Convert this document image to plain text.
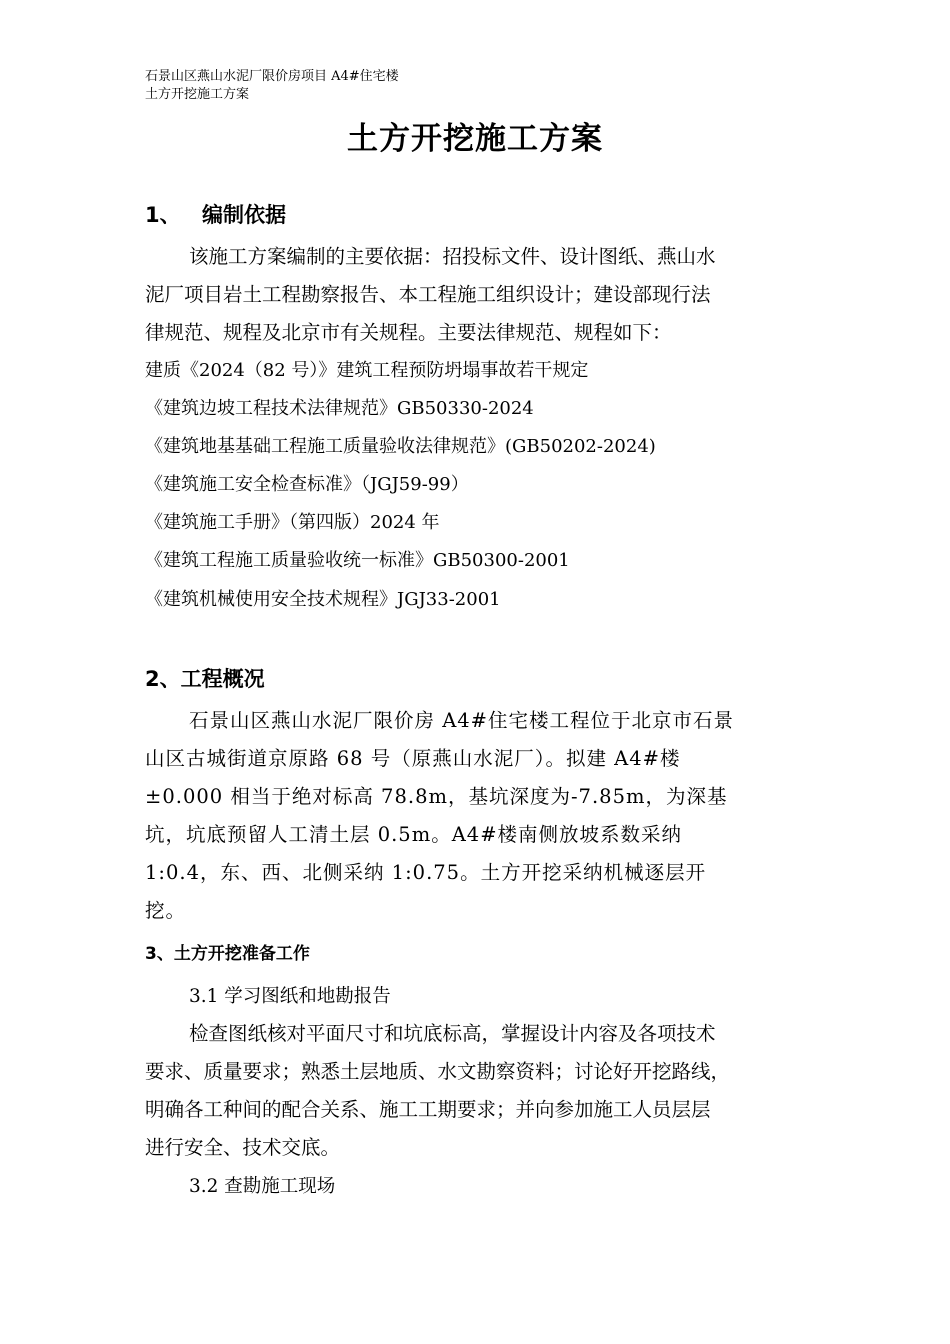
石景山区燕山水泥厂限价房项目 A4#住宅楼
土方开挖施工方案
土方开挖施工方案
1、 编制依据
该施工方案编制的主要依据：招投标文件、设计图纸、燕山水
泥厂项目岩土工程勘察报告、本工程施工组织设计；建设部现行法
律规范、规程及北京市有关规程。主要法律规范、规程如下：
建质《2024（82 号）》建筑工程预防坍塌事故若干规定
《建筑边坡工程技术法律规范》GB50330-2024
《建筑地基基础工程施工质量验收法律规范》(GB50202-2024)
《建筑施工安全检查标准》（JGJ59-99）
《建筑施工手册》（第四版）2024 年
《建筑工程施工质量验收统一标准》GB50300-2001
《建筑机械使用安全技术规程》JGJ33-2001
2、工程概况
石景山区燕山水泥厂限价房 A4#住宅楼工程位于北京市石景
山区古城街道京原路 68 号（原燕山水泥厂）。拟建 A4#楼
±0.000 相当于绝对标高 78.8m，基坑深度为-7.85m，为深基
坑，坑底预留人工清土层 0.5m。A4#楼南侧放坡系数采纳
1:0.4，东、西、北侧采纳 1:0.75。土方开挖采纳机械逐层开
挖。
3、土方开挖准备工作
3.1 学习图纸和地勘报告
检查图纸核对平面尺寸和坑底标高，掌握设计内容及各项技术
要求、质量要求；熟悉土层地质、水文勘察资料；讨论好开挖路线，
明确各工种间的配合关系、施工工期要求；并向参加施工人员层层
进行安全、技术交底。
3.2 查勘施工现场
